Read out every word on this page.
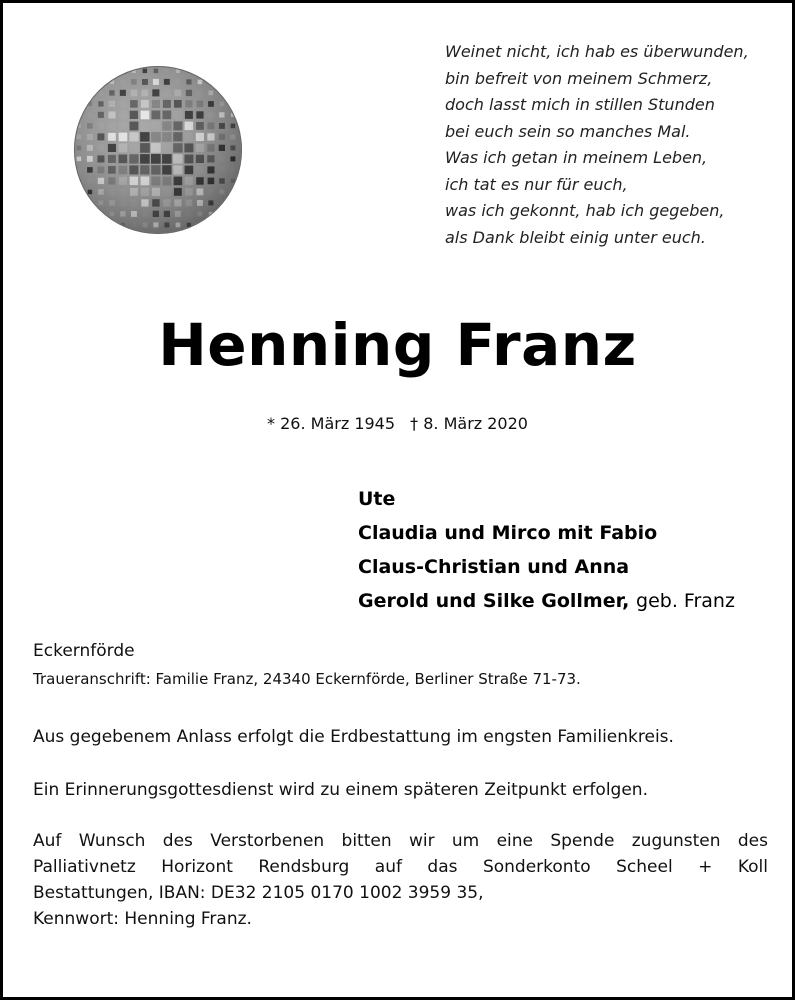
Weinet nicht, ich hab es überwunden,
bin befreit von meinem Schmerz,
doch lasst mich in stillen Stunden
bei euch sein so manches Mal.
Was ich getan in meinem Leben,
ich tat es nur für euch,
was ich gekonnt, hab ich gegeben,
als Dank bleibt einig unter euch.
Henning Franz
* 26. März 1945 † 8. März 2020
Ute
Claudia und Mirco mit Fabio
Claus-Christian und Anna
Gerold und Silke Gollmer, geb. Franz
Eckernförde
Traueranschrift: Familie Franz, 24340 Eckernförde, Berliner Straße 71-73.
Aus gegebenem Anlass erfolgt die Erdbestattung im engsten Familienkreis.
Ein Erinnerungsgottesdienst wird zu einem späteren Zeitpunkt erfolgen.
Auf Wunsch des Verstorbenen bitten wir um eine Spende zugunsten des
Palliativnetz Horizont Rendsburg auf das Sonderkonto Scheel + Koll
Bestattungen, IBAN: DE32 2105 0170 1002 3959 35,
Kennwort: Henning Franz.
